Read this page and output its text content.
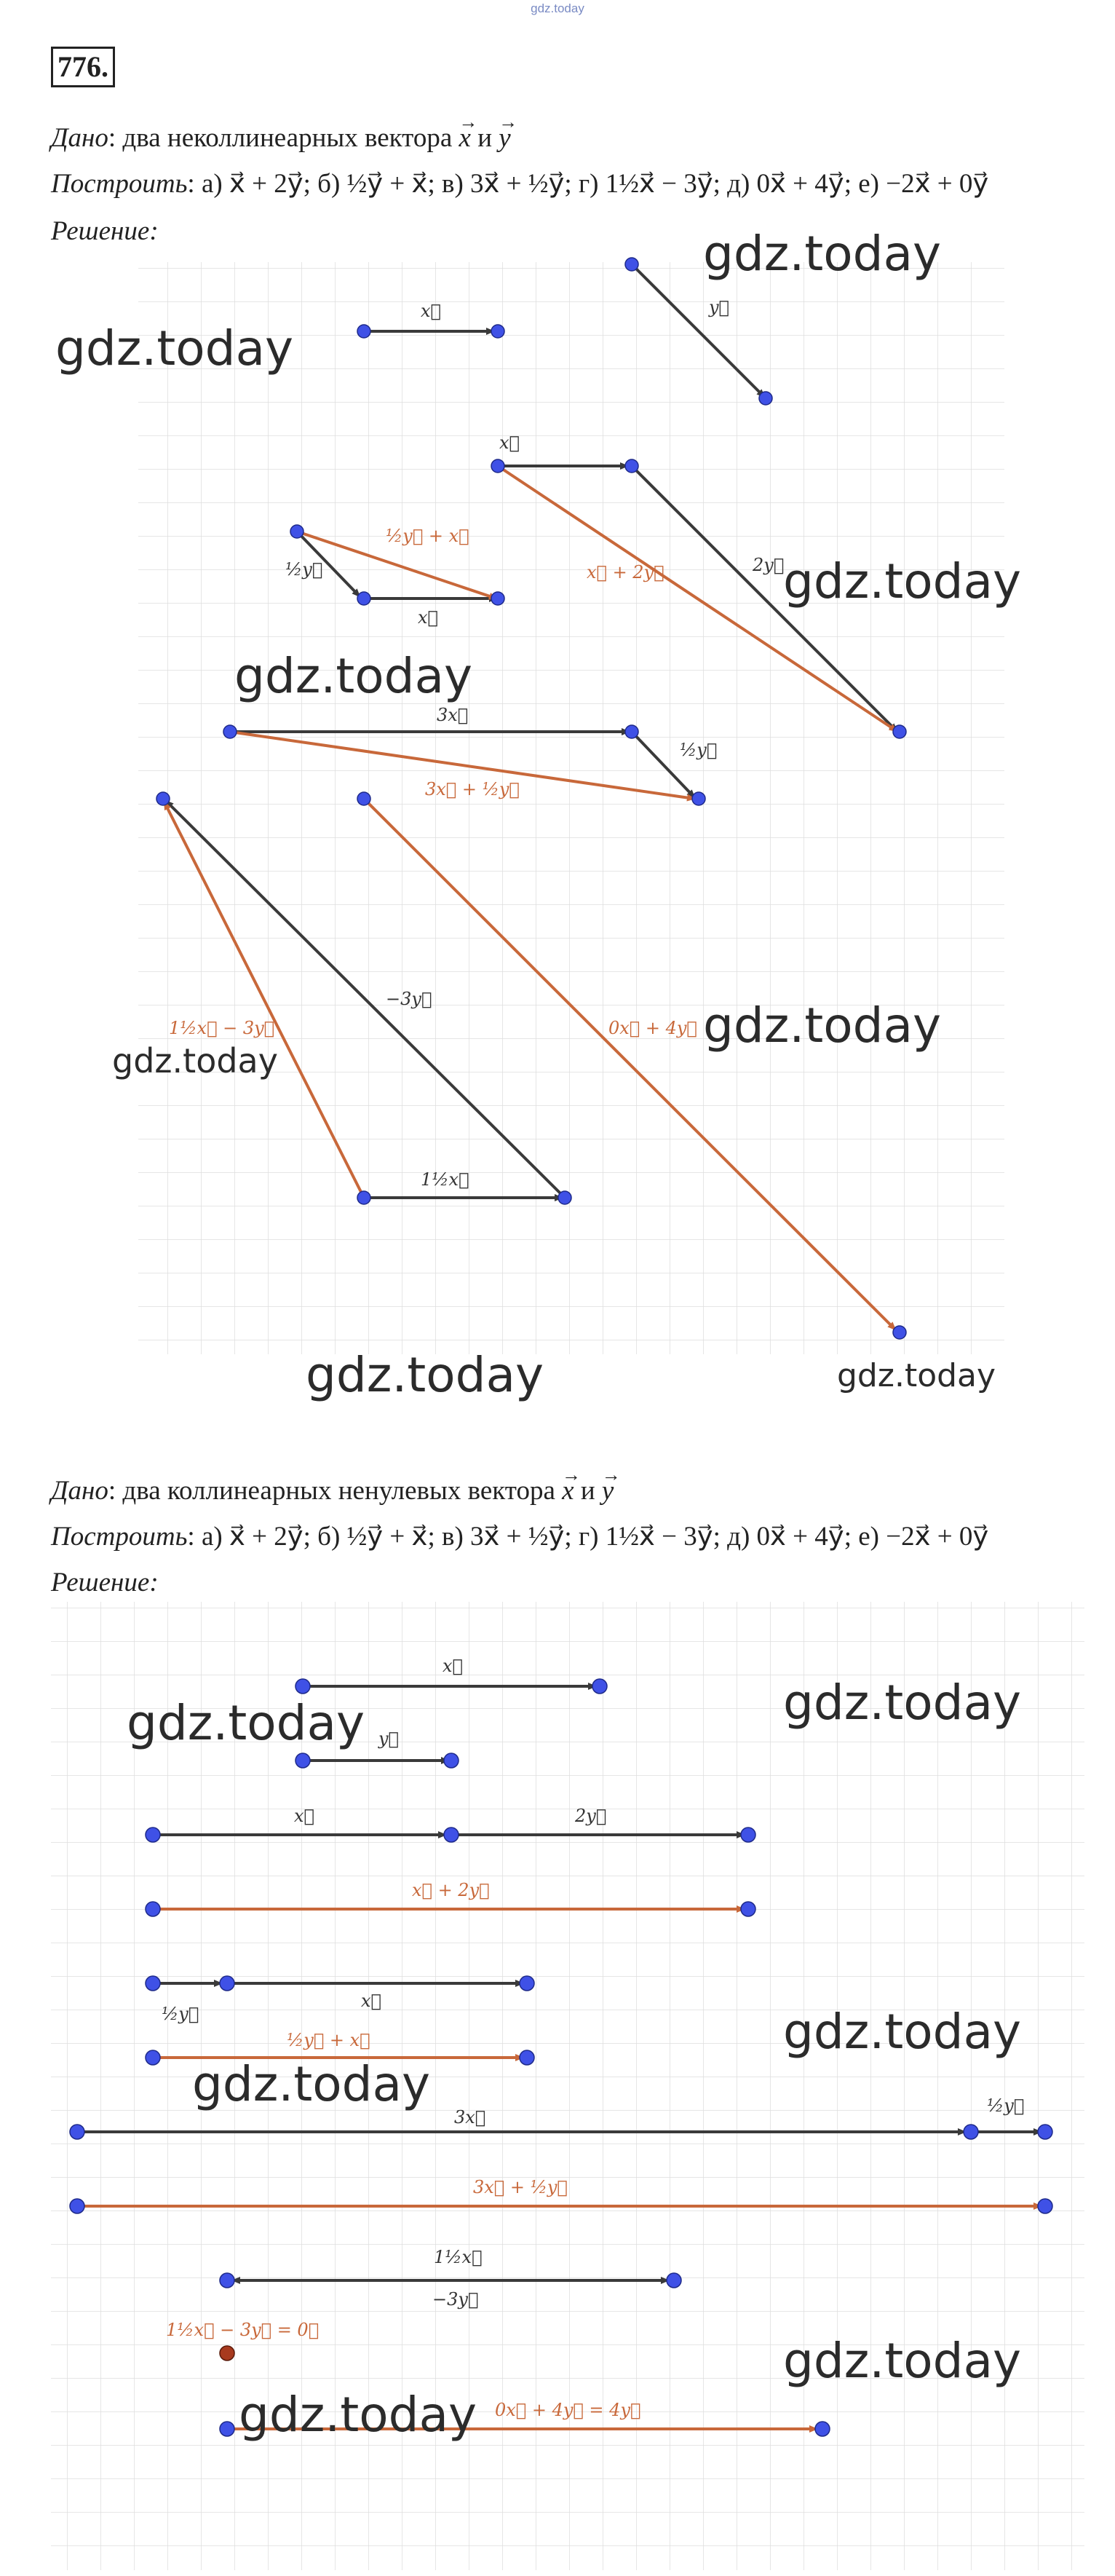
gdz.today
776.
Дано: два неколлинеарных вектора → x и → y
Построить: а) x⃗ + 2y⃗; б) ½y⃗ + x⃗; в) 3x⃗ + ½y⃗; г) 1½x⃗ − 3y⃗; д) 0x⃗ + 4y⃗; е) −2x⃗ + 0y⃗
Решение:
x⃗	y⃗
x⃗
2y⃗
x⃗ + 2y⃗
½y⃗
x⃗
½y⃗ + x⃗
3x⃗
½y⃗
3x⃗ + ½y⃗
−3y⃗
0x⃗ + 4y⃗
1½x⃗ − 3y⃗
1½x⃗
x⃗
y⃗
x⃗	2y⃗
x⃗ + 2y⃗
x⃗
½y⃗
½y⃗ + x⃗
3x⃗
½y⃗
3x⃗ + ½y⃗
1½x⃗
−3y⃗
1½x⃗ − 3y⃗ = 0⃗
0x⃗ + 4y⃗ = 4y⃗
gdz.today
gdz.today
gdz.today
gdz.today
gdz.today
gdz.today
gdz.today	gdz.today
Дано: два коллинеарных ненулевых вектора → x и → y
Построить: а) x⃗ + 2y⃗; б) ½y⃗ + x⃗; в) 3x⃗ + ½y⃗; г) 1½x⃗ − 3y⃗; д) 0x⃗ + 4y⃗; е) −2x⃗ + 0y⃗
Решение:
gdz.today
gdz.today
gdz.today
gdz.today
gdz.today
gdz.today
